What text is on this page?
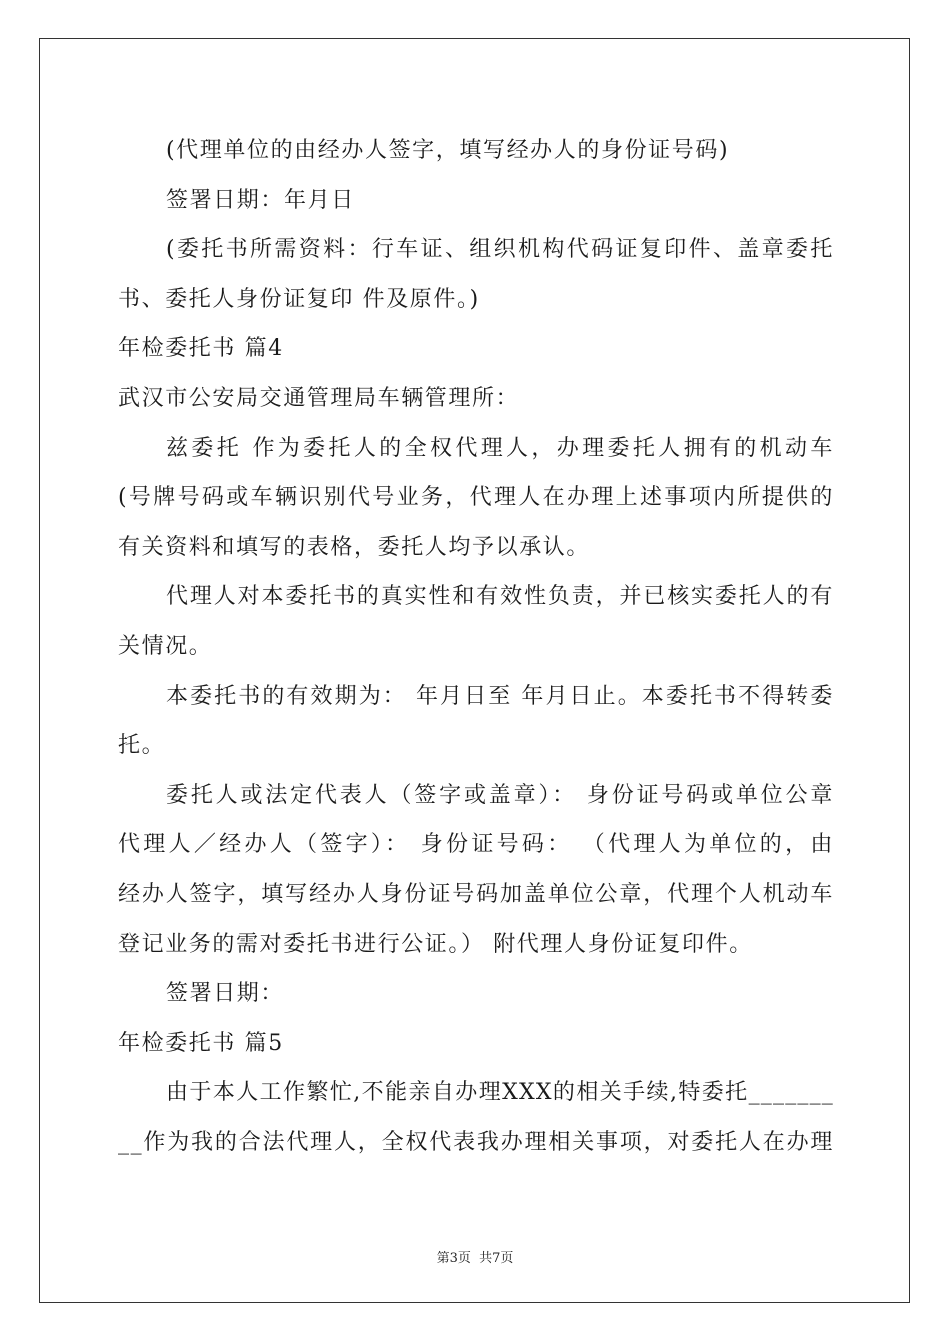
(代理单位的由经办人签字，填写经办人的身份证号码)
签署日期：年月日
(委托书所需资料：行车证、组织机构代码证复印件、盖章委托
书、委托人身份证复印 件及原件。)
年检委托书 篇4
武汉市公安局交通管理局车辆管理所：
兹委托 作为委托人的全权代理人，办理委托人拥有的机动车
(号牌号码或车辆识别代号业务，代理人在办理上述事项内所提供的
有关资料和填写的表格，委托人均予以承认。
代理人对本委托书的真实性和有效性负责，并已核实委托人的有
关情况。
本委托书的有效期为： 年月日至 年月日止。本委托书不得转委
托。
委托人或法定代表人（签字或盖章）： 身份证号码或单位公章
代理人／经办人（签字）： 身份证号码： （代理人为单位的，由
经办人签字，填写经办人身份证号码加盖单位公章，代理个人机动车
登记业务的需对委托书进行公证。） 附代理人身份证复印件。
签署日期：
年检委托书 篇5
由于本人工作繁忙,不能亲自办理XXX的相关手续,特委托_______
__作为我的合法代理人，全权代表我办理相关事项，对委托人在办理
第3页  共7页
